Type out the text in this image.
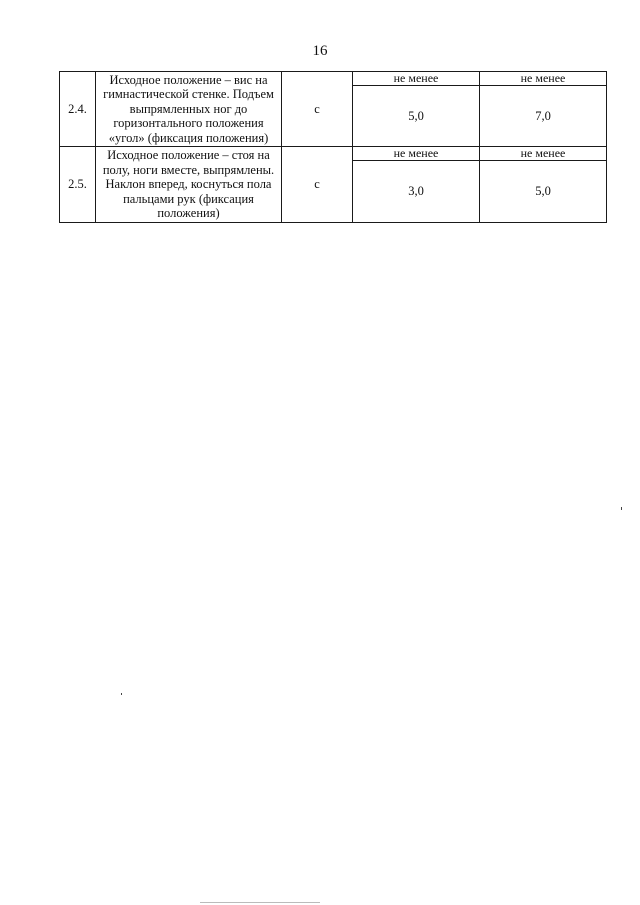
16
2.4.	Исходное положение – вис на гимнастической стенке. Подъем выпрямленных ног до горизонтального положения «угол» (фиксация положения)	с	не менее	не менее
			5,0	7,0
2.5.	Исходное положение – стоя на полу, ноги вместе, выпрямлены. Наклон вперед, коснуться пола пальцами рук (фиксация положения)	с	не менее	не менее
			3,0	5,0
